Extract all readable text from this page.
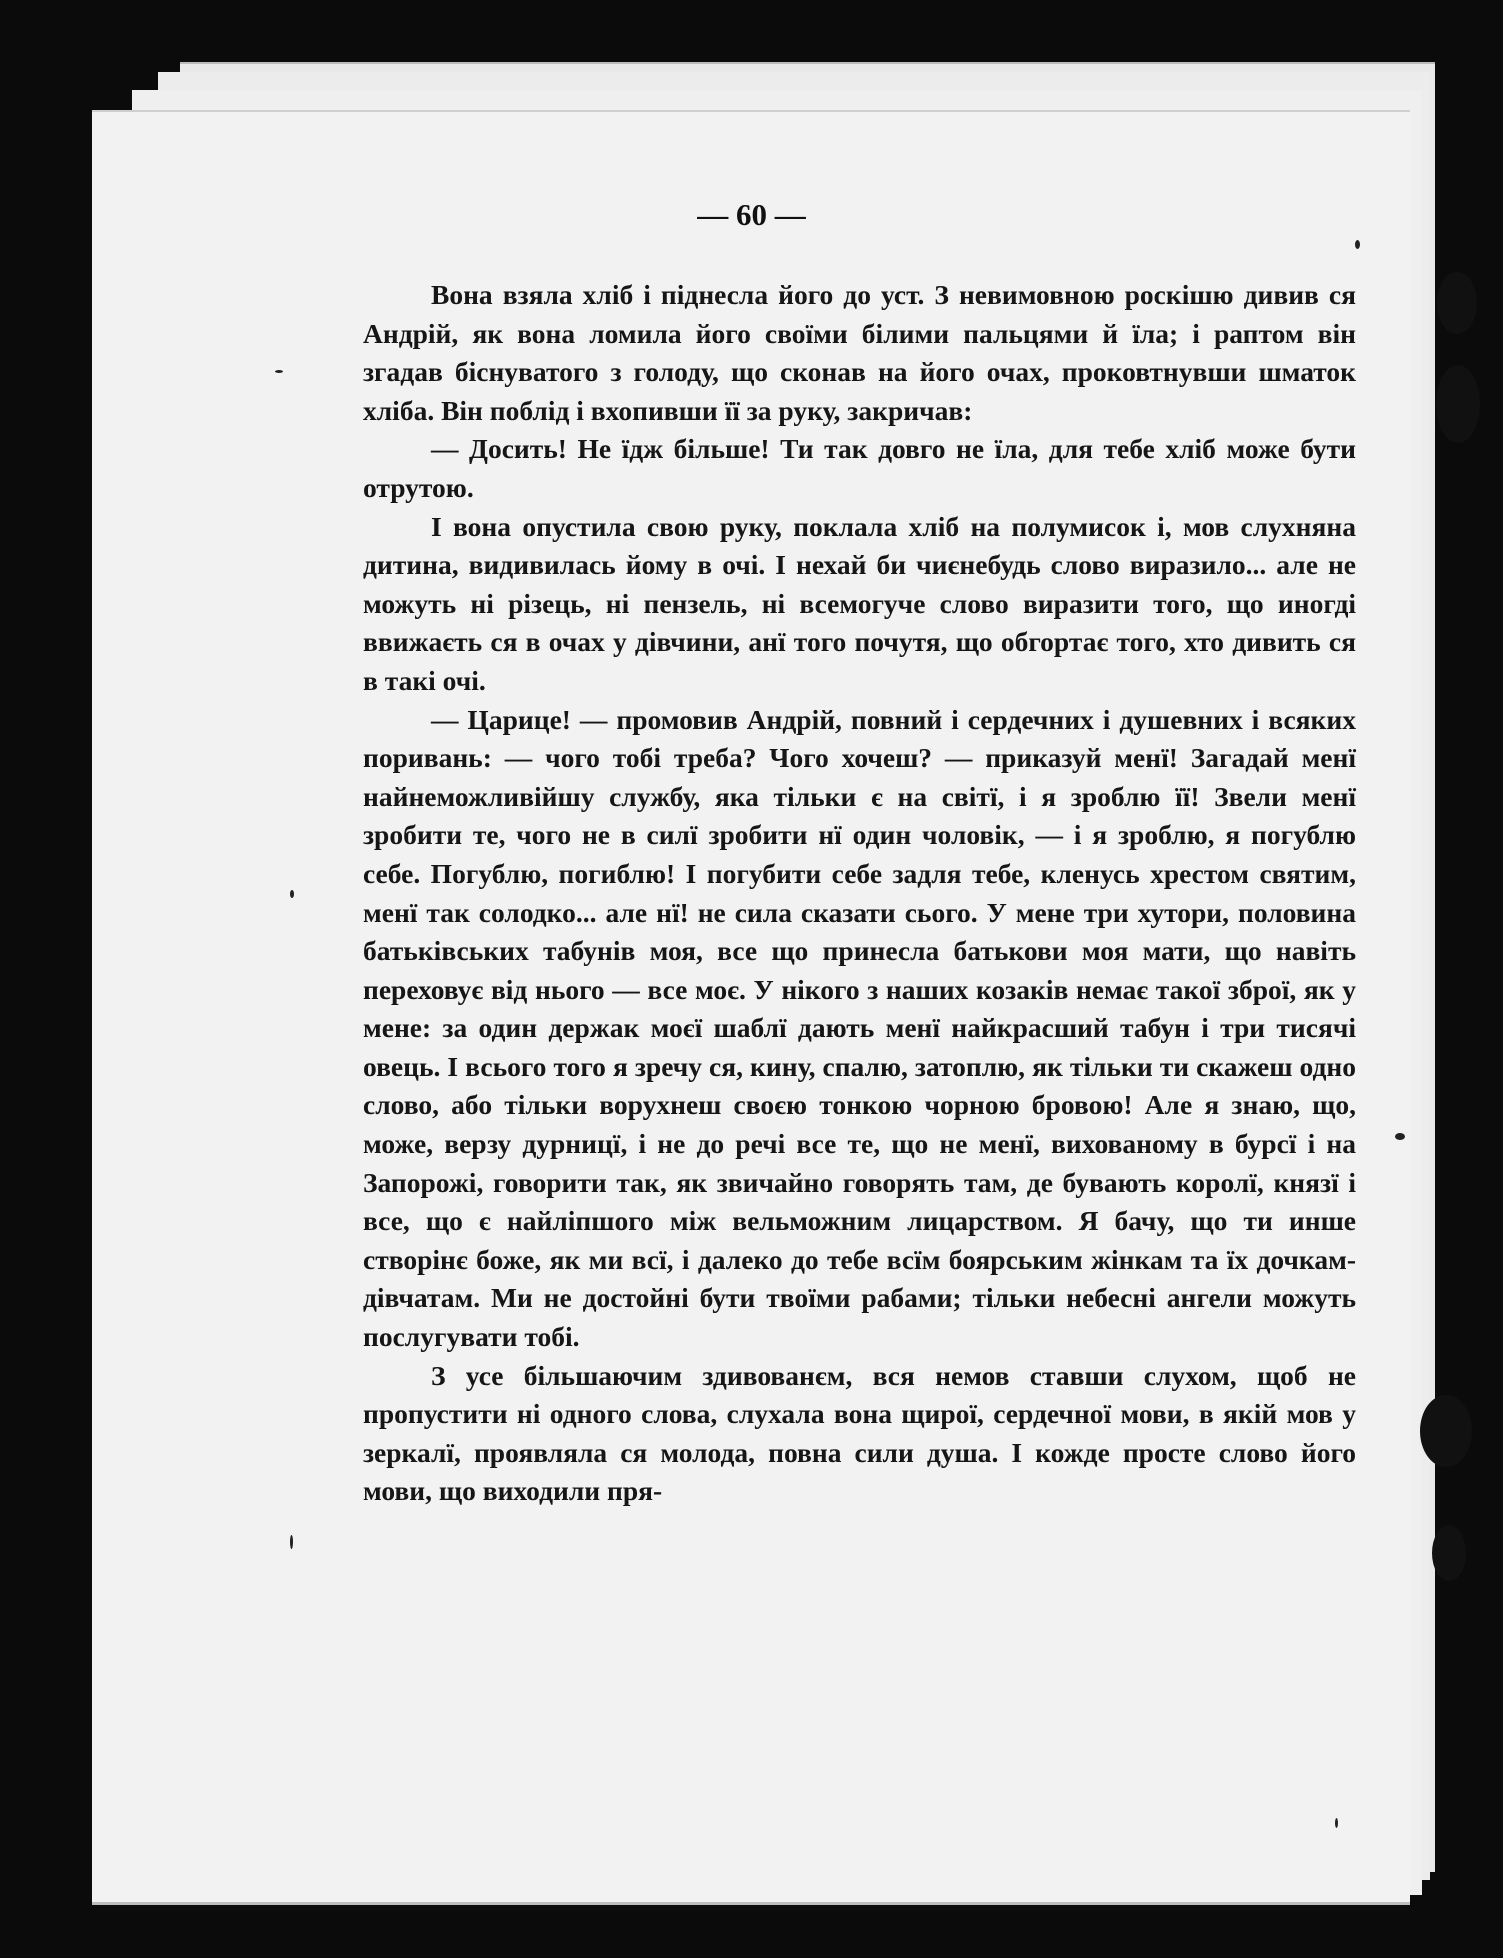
— 60 —

Вона взяла хліб і піднесла його до уст. З невимовною роскішю дивив ся Андрій, як вона ломила його своїми білими пальцями й їла; і раптом він згадав біснуватого з голоду, що сконав на його очах, проковтнувши шматок хліба. Він поблід і вхопивши її за руку, закричав:

— Досить! Не їдж більше! Ти так довго не їла, для тебе хліб може бути отрутою.

І вона опустила свою руку, поклала хліб на полумисок і, мов слухняна дитина, видивилась йому в очі. І нехай би чиєнебудь слово виразило... але не можуть ні різець, ні пензель, ні всемогуче слово виразити того, що иногді ввижаєть ся в очах у дівчини, анї того почутя, що обгортає того, хто дивить ся в такі очі.

— Царице! — промовив Андрій, повний і сердечних і душевних і всяких поривань: — чого тобі треба? Чого хочеш? — приказуй менї! Загадай менї найнеможливійшу службу, яка тільки є на світї, і я зроблю її! Звели менї зробити те, чого не в силї зробити нї один чоловік, — і я зроблю, я погублю себе. Погублю, погиблю! І погубити себе задля тебе, кленусь хрестом святим, менї так солодко... але нї! не сила сказати сього. У мене три хутори, половина батьківських табунів моя, все що принесла батькови моя мати, що навіть переховує від нього — все моє. У нікого з наших козаків немає такої зброї, як у мене: за один держак моєї шаблї дають менї найкрасший табун і три тисячі овець. І всього того я зречу ся, кину, спалю, затоплю, як тільки ти скажеш одно слово, або тільки ворухнеш своєю тонкою чорною бровою! Але я знаю, що, може, верзу дурницї, і не до речі все те, що не менї, вихованому в бурсї і на Запорожі, говорити так, як звичайно говорять там, де бувають королї, князї і все, що є найліпшого між вельможним лицарством. Я бачу, що ти инше створінє боже, як ми всї, і далеко до тебе всїм боярським жінкам та їх дочкам-дівчатам. Ми не достойні бути твоїми рабами; тільки небесні ангели можуть послугувати тобі.

З усе більшаючим здивованєм, вся немов ставши слухом, щоб не пропустити ні одного слова, слухала вона щирої, сердечної мови, в якій мов у зеркалї, проявляла ся молода, повна сили душа. І кожде просте слово його мови, що виходили пря-
